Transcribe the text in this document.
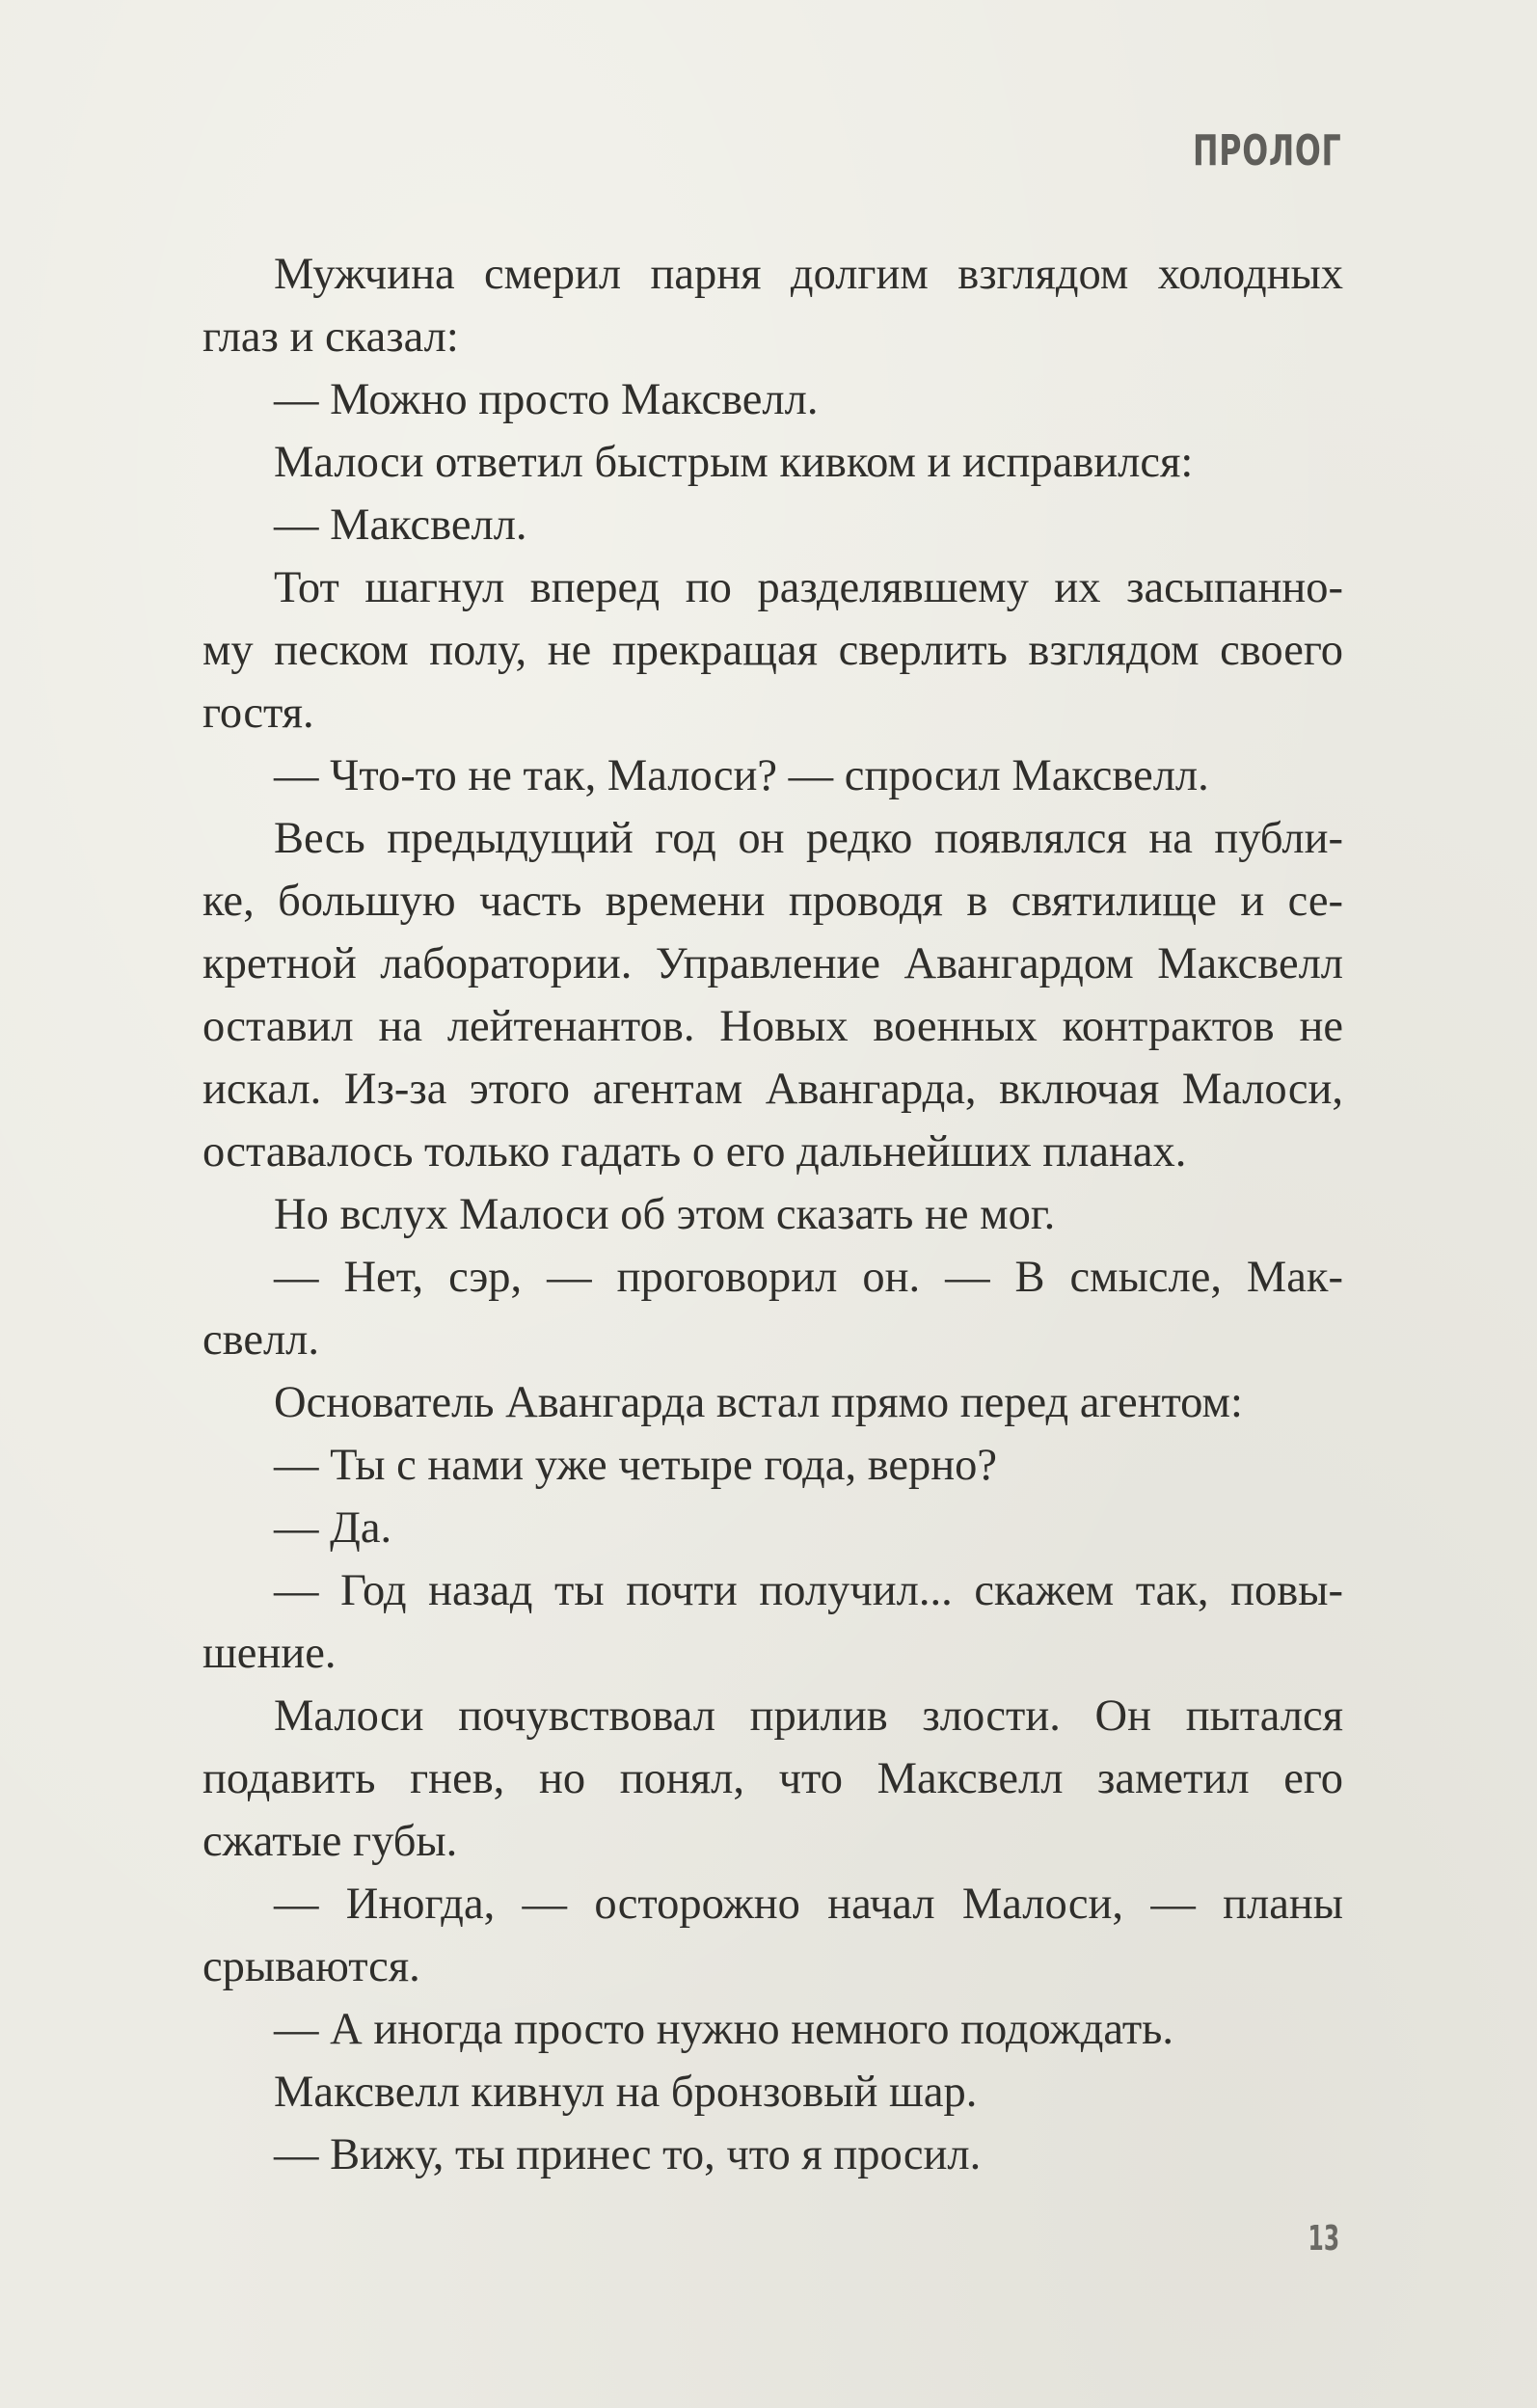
ПРОЛОГ
Мужчина смерил парня долгим взглядом холодных
глаз и сказал:
— Можно просто Максвелл.
Малоси ответил быстрым кивком и исправился:
— Максвелл.
Тот шагнул вперед по разделявшему их засыпанно-
му песком полу, не прекращая сверлить взглядом своего
гостя.
— Что-то не так, Малоси? — спросил Максвелл.
Весь предыдущий год он редко появлялся на публи-
ке, большую часть времени проводя в святилище и се-
кретной лаборатории. Управление Авангардом Максвелл
оставил на лейтенантов. Новых военных контрактов не
искал. Из-за этого агентам Авангарда, включая Малоси,
оставалось только гадать о его дальнейших планах.
Но вслух Малоси об этом сказать не мог.
— Нет, сэр, — проговорил он. — В смысле, Мак-
свелл.
Основатель Авангарда встал прямо перед агентом:
— Ты с нами уже четыре года, верно?
— Да.
— Год назад ты почти получил... скажем так, повы-
шение.
Малоси почувствовал прилив злости. Он пытался
подавить гнев, но понял, что Максвелл заметил его
сжатые губы.
— Иногда, — осторожно начал Малоси, — планы
срываются.
— А иногда просто нужно немного подождать.
Максвелл кивнул на бронзовый шар.
— Вижу, ты принес то, что я просил.
13
